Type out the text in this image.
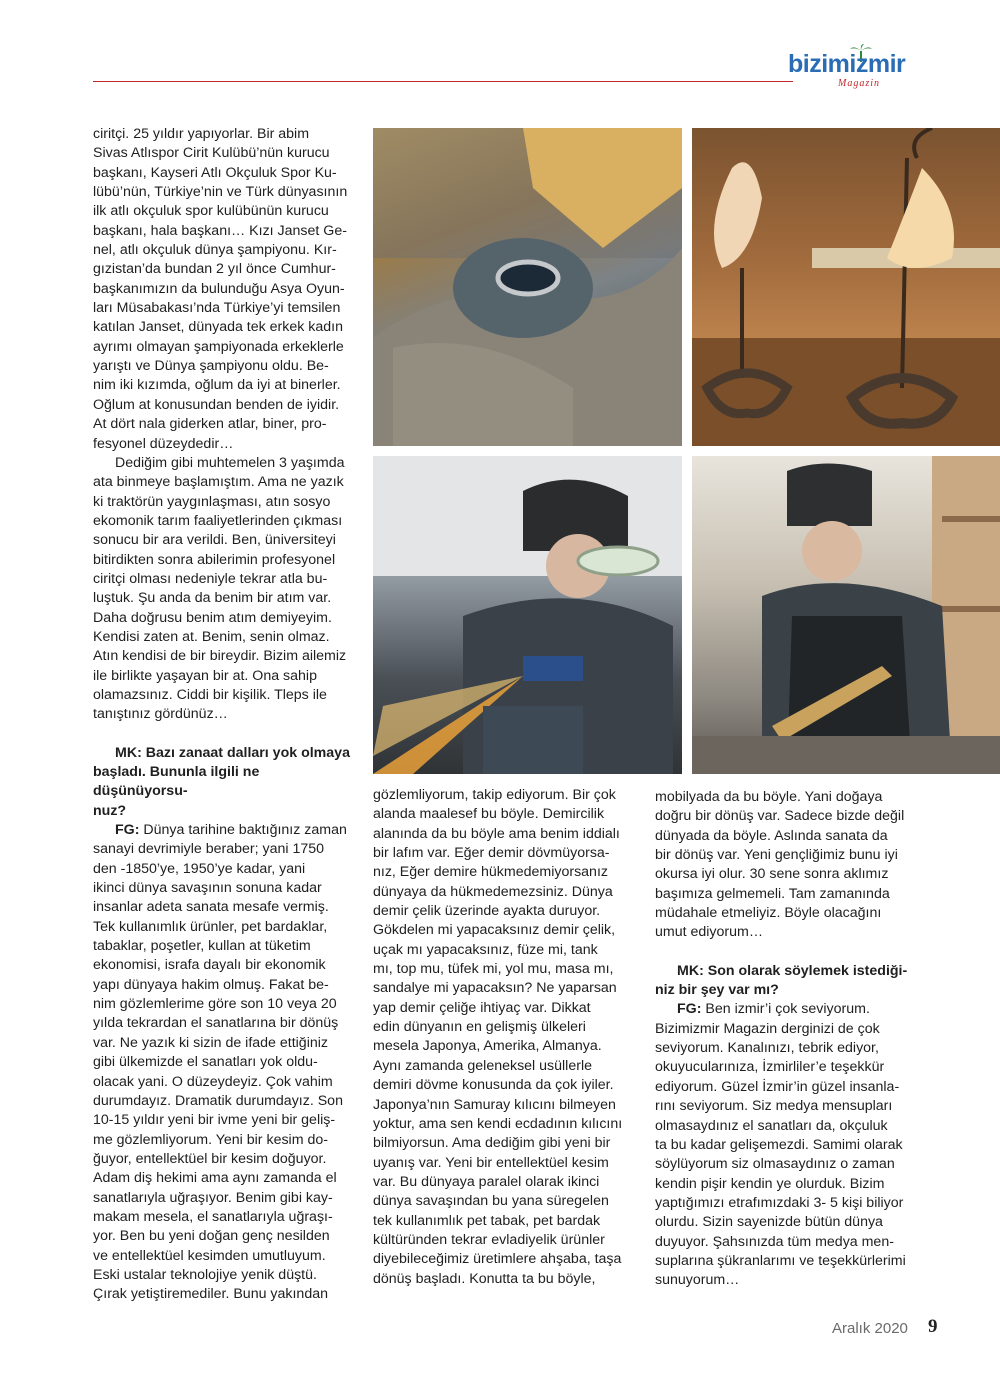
bizimizmir
Magazin

ciritçi. 25 yıldır yapıyorlar. Bir abim

Sivas Atlıspor Cirit Kulübü’nün kurucu

başkanı, Kayseri Atlı Okçuluk Spor Ku-

lübü’nün, Türkiye’nin ve Türk dünyasının

ilk atlı okçuluk spor kulübünün kurucu

başkanı, hala başkanı… Kızı Janset Ge-

nel, atlı okçuluk dünya şampiyonu. Kır-

gızistan’da bundan 2 yıl önce Cumhur-

başkanımızın da bulunduğu Asya Oyun-

ları Müsabakası’nda Türkiye’yi temsilen

katılan Janset, dünyada tek erkek kadın

ayrımı olmayan şampiyonada erkeklerle

yarıştı ve Dünya şampiyonu oldu. Be-

nim iki kızımda, oğlum da iyi at binerler.

Oğlum at konusundan benden de iyidir.

At dört nala giderken atlar, biner, pro-

fesyonel düzeydedir…

Dediğim gibi muhtemelen 3 yaşımda

ata binmeye başlamıştım. Ama ne yazık

ki traktörün yaygınlaşması, atın sosyo

ekomonik tarım faaliyetlerinden çıkması

sonucu bir ara verildi. Ben, üniversiteyi

bitirdikten sonra abilerimin profesyonel

ciritçi olması nedeniyle tekrar atla bu-

luştuk. Şu anda da benim bir atım var.

Daha doğrusu benim atım demiyeyim.

Kendisi zaten at. Benim, senin olmaz.

Atın kendisi de bir bireydir. Bizim ailemiz

ile birlikte yaşayan bir at. Ona sahip

olamazsınız. Ciddi bir kişilik. Tleps ile

tanıştınız gördünüz…

MK: Bazı zanaat dalları yok olmaya

başladı. Bununla ilgili ne düşünüyorsu-

nuz?

FG: Dünya tarihine baktığınız zaman

sanayi devrimiyle beraber; yani 1750

den -1850’ye, 1950’ye kadar, yani

ikinci dünya savaşının sonuna kadar

insanlar adeta sanata mesafe vermiş.

Tek kullanımlık ürünler, pet bardaklar,

tabaklar, poşetler, kullan at tüketim

ekonomisi, israfa dayalı bir ekonomik

yapı dünyaya hakim olmuş. Fakat be-

nim gözlemlerime göre son 10 veya 20

yılda tekrardan el sanatlarına bir dönüş

var. Ne yazık ki sizin de ifade ettiğiniz

gibi ülkemizde el sanatları yok oldu-

olacak yani. O düzeydeyiz. Çok vahim

durumdayız. Dramatik durumdayız. Son

10-15 yıldır yeni bir ivme yeni bir geliş-

me gözlemliyorum. Yeni bir kesim do-

ğuyor, entellektüel bir kesim doğuyor.

Adam diş hekimi ama aynı zamanda el

sanatlarıyla uğraşıyor. Benim gibi kay-

makam mesela, el sanatlarıyla uğraşı-

yor. Ben bu yeni doğan genç nesilden

ve entellektüel kesimden umutluyum.

Eski ustalar teknolojiye yenik düştü.

Çırak yetiştiremediler. Bunu yakından

gözlemliyorum, takip ediyorum. Bir çok

alanda maalesef bu böyle. Demircilik

alanında da bu böyle ama benim iddialı

bir lafım var. Eğer demir dövmüyorsa-

nız, Eğer demire hükmedemiyorsanız

dünyaya da hükmedemezsiniz. Dünya

demir çelik üzerinde ayakta duruyor.

Gökdelen mi yapacaksınız demir çelik,

uçak mı yapacaksınız, füze mi, tank

mı, top mu, tüfek mi, yol mu, masa mı,

sandalye mi yapacaksın? Ne yaparsan

yap demir çeliğe ihtiyaç var. Dikkat

edin dünyanın en gelişmiş ülkeleri

mesela Japonya, Amerika, Almanya.

Aynı zamanda geleneksel usüllerle

demiri dövme konusunda da çok iyiler.

Japonya’nın Samuray kılıcını bilmeyen

yoktur, ama sen kendi ecdadının kılıcını

bilmiyorsun. Ama dediğim gibi yeni bir

uyanış var. Yeni bir entellektüel kesim

var. Bu dünyaya paralel olarak ikinci

dünya savaşından bu yana süregelen

tek kullanımlık pet tabak, pet bardak

kültüründen tekrar evladiyelik ürünler

diyebileceğimiz üretimlere ahşaba, taşa

dönüş başladı. Konutta ta bu böyle,

mobilyada da bu böyle. Yani doğaya

doğru bir dönüş var. Sadece bizde değil

dünyada da böyle. Aslında sanata da

bir dönüş var. Yeni gençliğimiz bunu iyi

okursa iyi olur. 30 sene sonra aklımız

başımıza gelmemeli. Tam zamanında

müdahale etmeliyiz. Böyle olacağını

umut ediyorum…

MK: Son olarak söylemek istediği-

niz bir şey var mı?

FG: Ben izmir’i çok seviyorum.

Bizimizmir Magazin derginizi de çok

seviyorum. Kanalınızı, tebrik ediyor,

okuyucularınıza, İzmirliler’e teşekkür

ediyorum. Güzel İzmir’in güzel insanla-

rını seviyorum. Siz medya mensupları

olmasaydınız el sanatları da, okçuluk

ta bu kadar gelişemezdi. Samimi olarak

söylüyorum siz olmasaydınız o zaman

kendin pişir kendin ye olurduk. Bizim

yaptığımızı etrafımızdaki 3- 5 kişi biliyor

olurdu. Sizin sayenizde bütün dünya

duyuyor. Şahsınızda tüm medya men-

suplarına şükranlarımı ve teşekkürlerimi

sunuyorum…

Aralık 2020 9
